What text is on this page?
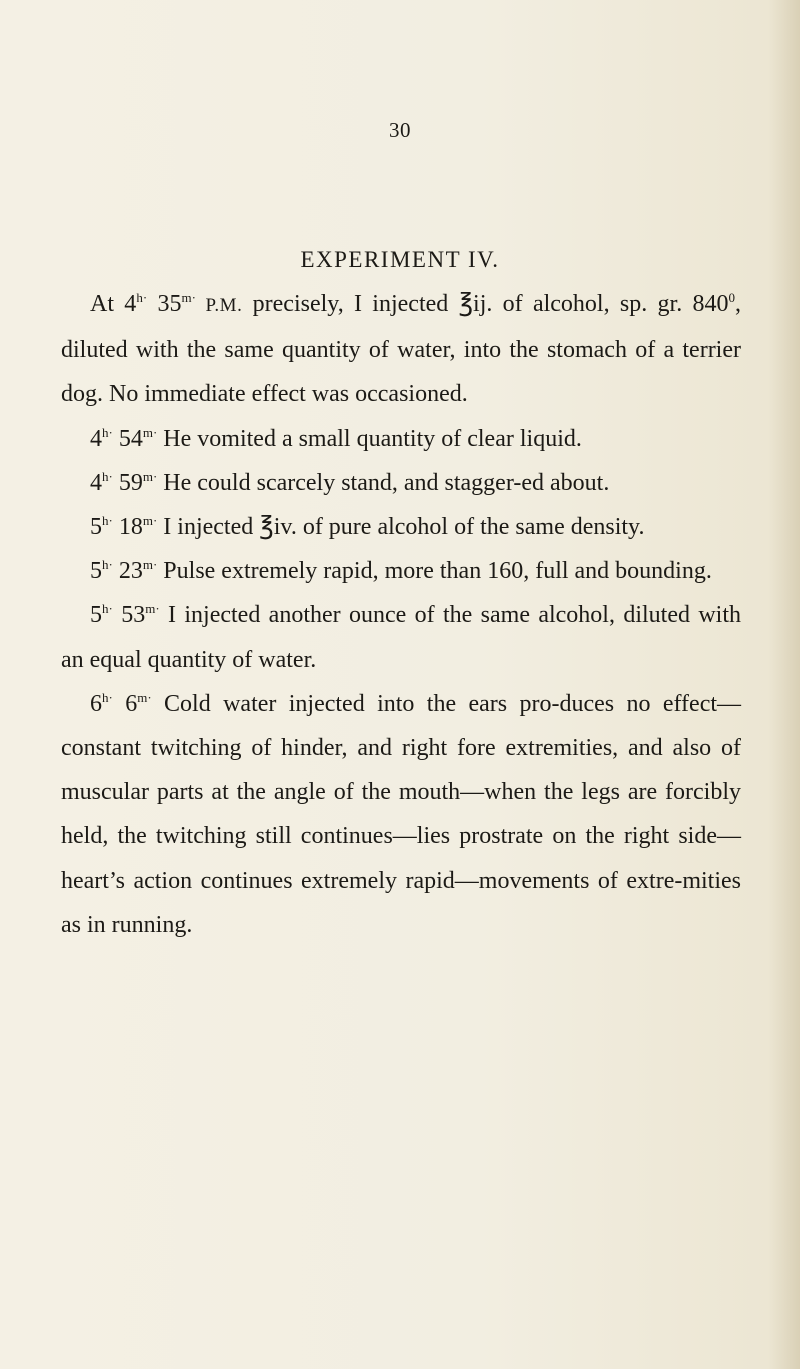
30
EXPERIMENT IV.

At $4^{h\cdot}$ $35^{m\cdot}$ P.M. precisely, I injected ℥ij. of alcohol, sp. gr. $840^0$, diluted with the same quantity of water, into the stomach of a terrier dog. No immediate effect was occasioned.

$4^{h\cdot}$ $54^{m\cdot}$ He vomited a small quantity of clear liquid.

$4^{h\cdot}$ $59^{m\cdot}$ He could scarcely stand, and stagger-ed about.

$5^{h\cdot}$ $18^{m\cdot}$ I injected ℥iv. of pure alcohol of the same density.

$5^{h\cdot}$ $23^{m\cdot}$ Pulse extremely rapid, more than 160, full and bounding.

$5^{h\cdot}$ $53^{m\cdot}$ I injected another ounce of the same alcohol, diluted with an equal quantity of water.

$6^{h\cdot}$ $6^{m\cdot}$ Cold water injected into the ears pro-duces no effect—constant twitching of hinder, and right fore extremities, and also of muscular parts at the angle of the mouth—when the legs are forcibly held, the twitching still continues—lies prostrate on the right side—heart’s action continues extremely rapid—movements of extre-mities as in running.
